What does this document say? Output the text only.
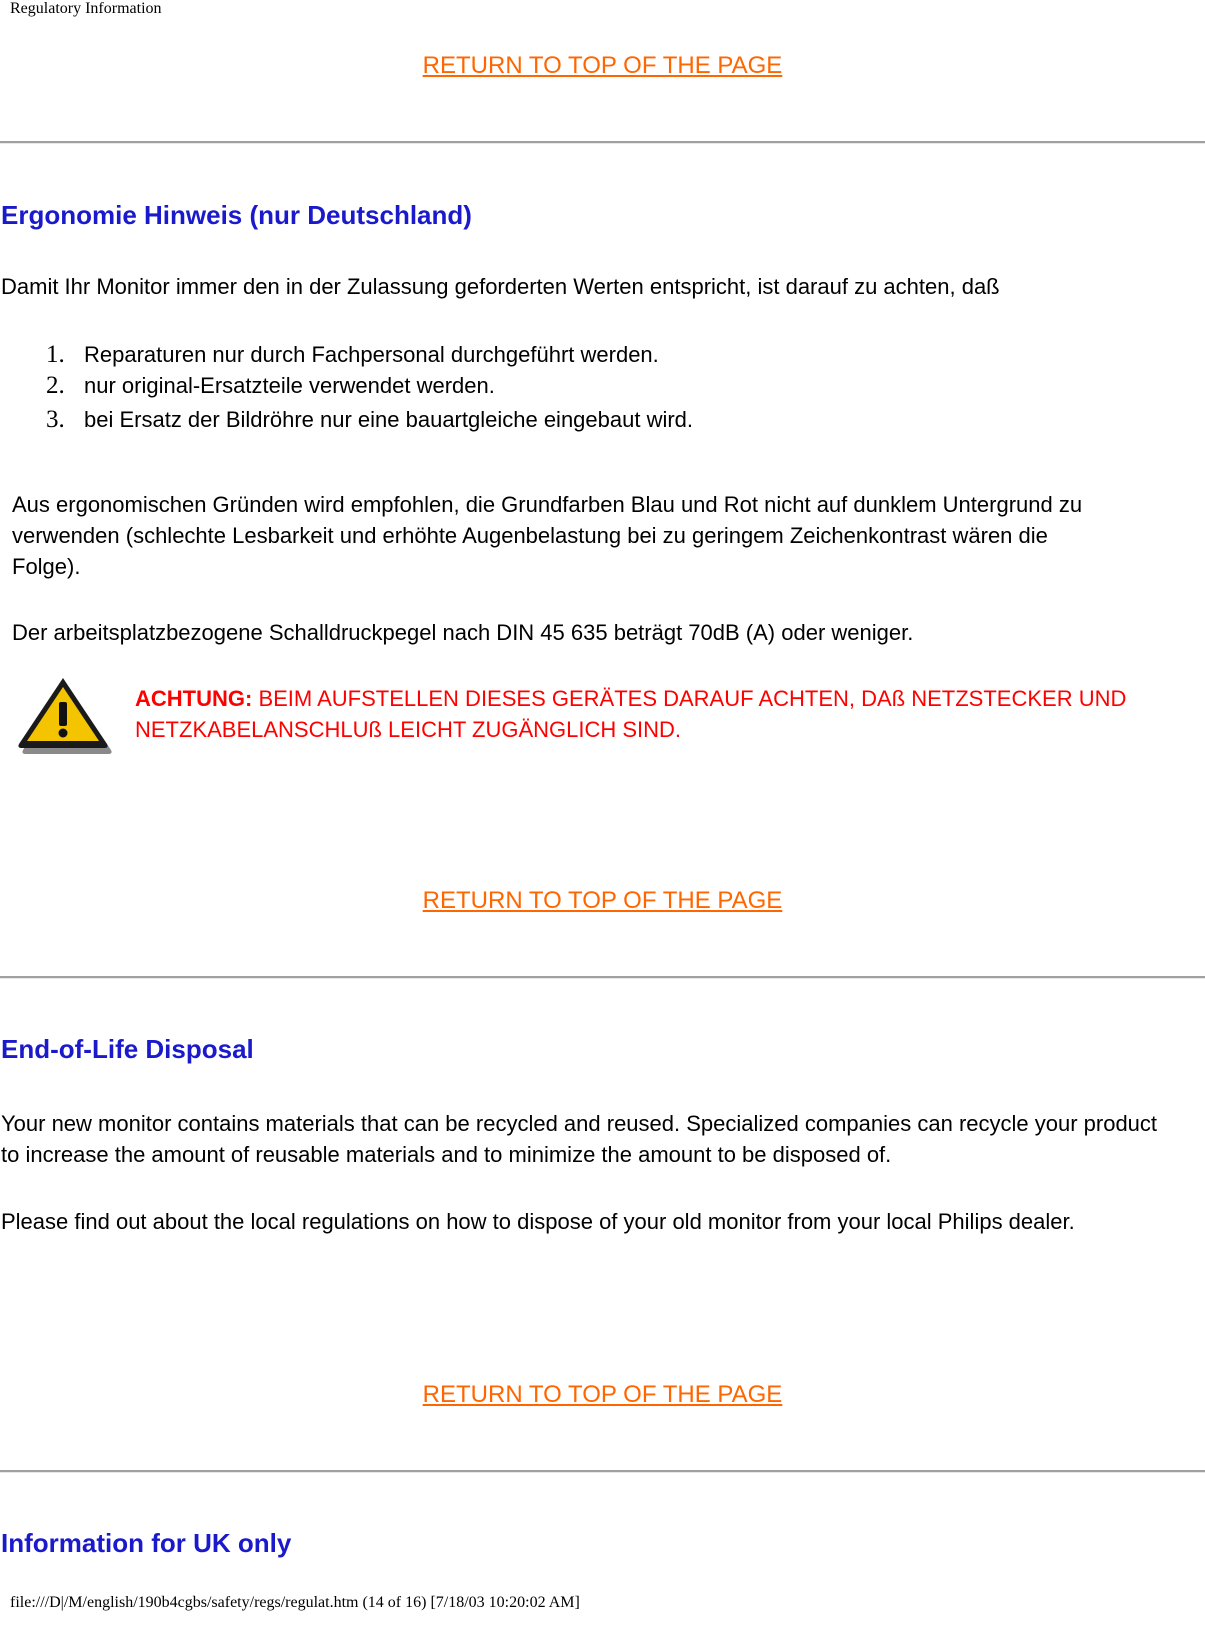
Regulatory Information
RETURN TO TOP OF THE PAGE
Ergonomie Hinweis (nur Deutschland)
Damit Ihr Monitor immer den in der Zulassung geforderten Werten entspricht, ist darauf zu achten, daß
1. Reparaturen nur durch Fachpersonal durchgeführt werden.
2. nur original-Ersatzteile verwendet werden.
3. bei Ersatz der Bildröhre nur eine bauartgleiche eingebaut wird.
Aus ergonomischen Gründen wird empfohlen, die Grundfarben Blau und Rot nicht auf dunklem Untergrund zu verwenden (schlechte Lesbarkeit und erhöhte Augenbelastung bei zu geringem Zeichenkontrast wären die Folge).
Der arbeitsplatzbezogene Schalldruckpegel nach DIN 45 635 beträgt 70dB (A) oder weniger.
ACHTUNG: BEIM AUFSTELLEN DIESES GERÄTES DARAUF ACHTEN, DAß NETZSTECKER UND NETZKABELANSCHLUß LEICHT ZUGÄNGLICH SIND.
RETURN TO TOP OF THE PAGE
End-of-Life Disposal
Your new monitor contains materials that can be recycled and reused. Specialized companies can recycle your product to increase the amount of reusable materials and to minimize the amount to be disposed of.
Please find out about the local regulations on how to dispose of your old monitor from your local Philips dealer.
RETURN TO TOP OF THE PAGE
Information for UK only
file:///D|/M/english/190b4cgbs/safety/regs/regulat.htm (14 of 16) [7/18/03 10:20:02 AM]
